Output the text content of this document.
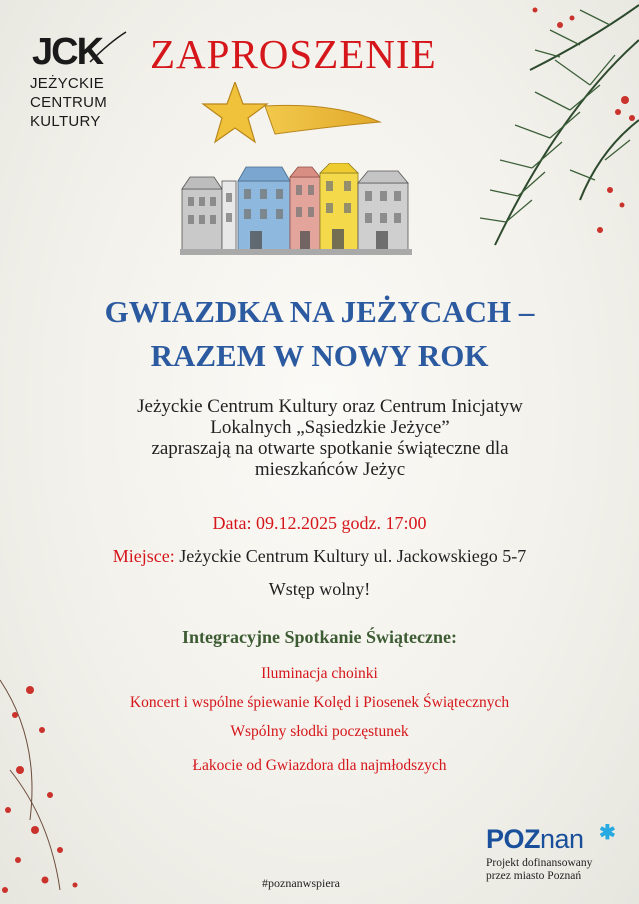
JCK
JEŻYCKIE
CENTRUM
KULTURY
ZAPROSZENIE
GWIAZDKA NA JEŻYCACH –
RAZEM W NOWY ROK
Jeżyckie Centrum Kultury oraz Centrum Inicjatyw
Lokalnych „Sąsiedzkie Jeżyce”
zapraszają na otwarte spotkanie świąteczne dla
mieszkańców Jeżyc
Data: 09.12.2025 godz. 17:00
Miejsce: Jeżyckie Centrum Kultury ul. Jackowskiego 5-7
Wstęp wolny!
Integracyjne Spotkanie Świąteczne:
Iluminacja choinki
Koncert i wspólne śpiewanie Kolęd i Piosenek Świątecznych
Wspólny słodki poczęstunek
Łakocie od Gwiazdora dla najmłodszych
#poznanwspiera
POZnan ✱
Projekt dofinansowany
przez miasto Poznań
